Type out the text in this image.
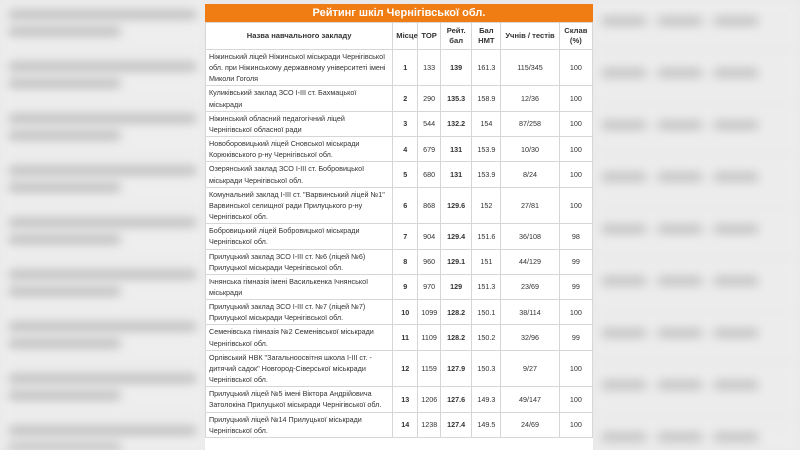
Рейтинг шкіл Чернігівської обл.
Назва навчального закладу	Місце	TOP	Рейт. бал	Бал НМТ	Учнів / тестів	Склав (%)
Ніжинський ліцей Ніжинської міськради Чернігівської обл. при Ніжинському державному університеті імені Миколи Гоголя	1	133	139	161.3	115/345	100
Куликівський заклад ЗСО І-ІІІ ст. Бахмацької міськради	2	290	135.3	158.9	12/36	100
Ніжинський обласний педагогічний ліцей Чернігівської обласної ради	3	544	132.2	154	87/258	100
Новоборовицький ліцей Сновської міськради Корюківського р-ну Чернігівської обл.	4	679	131	153.9	10/30	100
Озерянський заклад ЗСО І-ІІІ ст. Бобровицької міськради Чернігівської обл.	5	680	131	153.9	8/24	100
Комунальний заклад І-ІІІ ст. "Варвинський ліцей №1" Варвинської селищної ради Прилуцького р-ну Чернігівської обл.	6	868	129.6	152	27/81	100
Бобровицький ліцей Бобровицької міськради Чернігівської обл.	7	904	129.4	151.6	36/108	98
Прилуцький заклад ЗСО І-ІІІ ст. №6 (ліцей №6) Прилуцької міськради Чернігівської обл.	8	960	129.1	151	44/129	99
Ічнянська гімназія імені Василькенка Ічнянської міськради	9	970	129	151.3	23/69	99
Прилуцький заклад ЗСО І-ІІІ ст. №7 (ліцей №7) Прилуцької міськради Чернігівської обл.	10	1099	128.2	150.1	38/114	100
Семенівська гімназія №2 Семенівської міськради Чернігівської обл.	11	1109	128.2	150.2	32/96	99
Орлівський НВК "Загальноосвітня школа І-ІІІ ст. - дитячий садок" Новгород-Сіверської міськради Чернігівської обл.	12	1159	127.9	150.3	9/27	100
Прилуцький ліцей №5 імені Віктора Андрійовича Затолокіна Прилуцької міськради Чернігівської обл.	13	1206	127.6	149.3	49/147	100
Прилуцький ліцей №14 Прилуцької міськради Чернігівської обл.	14	1238	127.4	149.5	24/69	100
